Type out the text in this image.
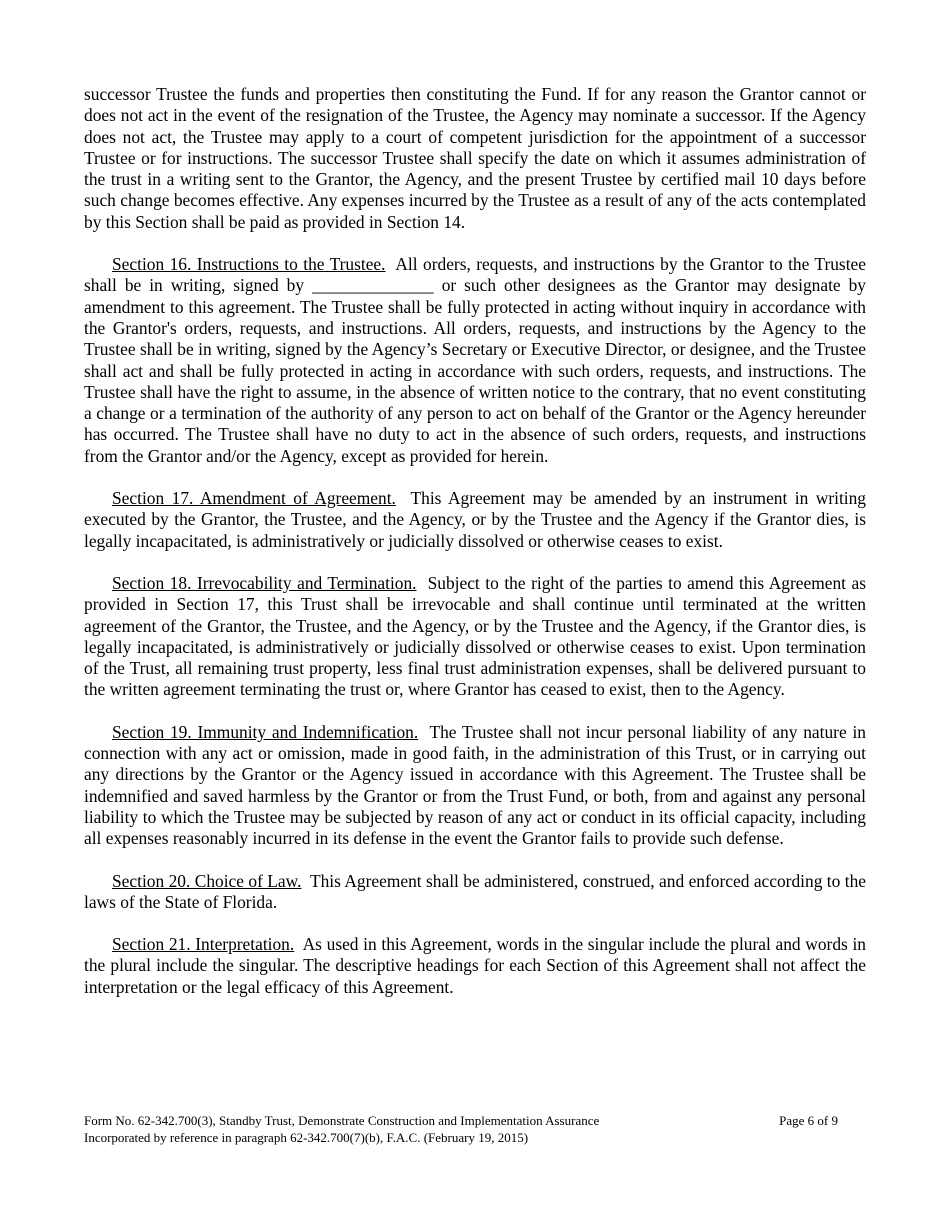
successor Trustee the funds and properties then constituting the Fund. If for any reason the Grantor cannot or does not act in the event of the resignation of the Trustee, the Agency may nominate a successor. If the Agency does not act, the Trustee may apply to a court of competent jurisdiction for the appointment of a successor Trustee or for instructions. The successor Trustee shall specify the date on which it assumes administration of the trust in a writing sent to the Grantor, the Agency, and the present Trustee by certified mail 10 days before such change becomes effective. Any expenses incurred by the Trustee as a result of any of the acts contemplated by this Section shall be paid as provided in Section 14.

Section 16. Instructions to the Trustee. All orders, requests, and instructions by the Grantor to the Trustee shall be in writing, signed by ______________ or such other designees as the Grantor may designate by amendment to this agreement. The Trustee shall be fully protected in acting without inquiry in accordance with the Grantor's orders, requests, and instructions. All orders, requests, and instructions by the Agency to the Trustee shall be in writing, signed by the Agency’s Secretary or Executive Director, or designee, and the Trustee shall act and shall be fully protected in acting in accordance with such orders, requests, and instructions. The Trustee shall have the right to assume, in the absence of written notice to the contrary, that no event constituting a change or a termination of the authority of any person to act on behalf of the Grantor or the Agency hereunder has occurred. The Trustee shall have no duty to act in the absence of such orders, requests, and instructions from the Grantor and/or the Agency, except as provided for herein.

Section 17. Amendment of Agreement. This Agreement may be amended by an instrument in writing executed by the Grantor, the Trustee, and the Agency, or by the Trustee and the Agency if the Grantor dies, is legally incapacitated, is administratively or judicially dissolved or otherwise ceases to exist.

Section 18. Irrevocability and Termination. Subject to the right of the parties to amend this Agreement as provided in Section 17, this Trust shall be irrevocable and shall continue until terminated at the written agreement of the Grantor, the Trustee, and the Agency, or by the Trustee and the Agency, if the Grantor dies, is legally incapacitated, is administratively or judicially dissolved or otherwise ceases to exist. Upon termination of the Trust, all remaining trust property, less final trust administration expenses, shall be delivered pursuant to the written agreement terminating the trust or, where Grantor has ceased to exist, then to the Agency.

Section 19. Immunity and Indemnification. The Trustee shall not incur personal liability of any nature in connection with any act or omission, made in good faith, in the administration of this Trust, or in carrying out any directions by the Grantor or the Agency issued in accordance with this Agreement. The Trustee shall be indemnified and saved harmless by the Grantor or from the Trust Fund, or both, from and against any personal liability to which the Trustee may be subjected by reason of any act or conduct in its official capacity, including all expenses reasonably incurred in its defense in the event the Grantor fails to provide such defense.

Section 20. Choice of Law. This Agreement shall be administered, construed, and enforced according to the laws of the State of Florida.

Section 21. Interpretation. As used in this Agreement, words in the singular include the plural and words in the plural include the singular. The descriptive headings for each Section of this Agreement shall not affect the interpretation or the legal efficacy of this Agreement.

Form No. 62-342.700(3), Standby Trust, Demonstrate Construction and Implementation Assurance
Incorporated by reference in paragraph 62-342.700(7)(b), F.A.C. (February 19, 2015)
Page 6 of 9
